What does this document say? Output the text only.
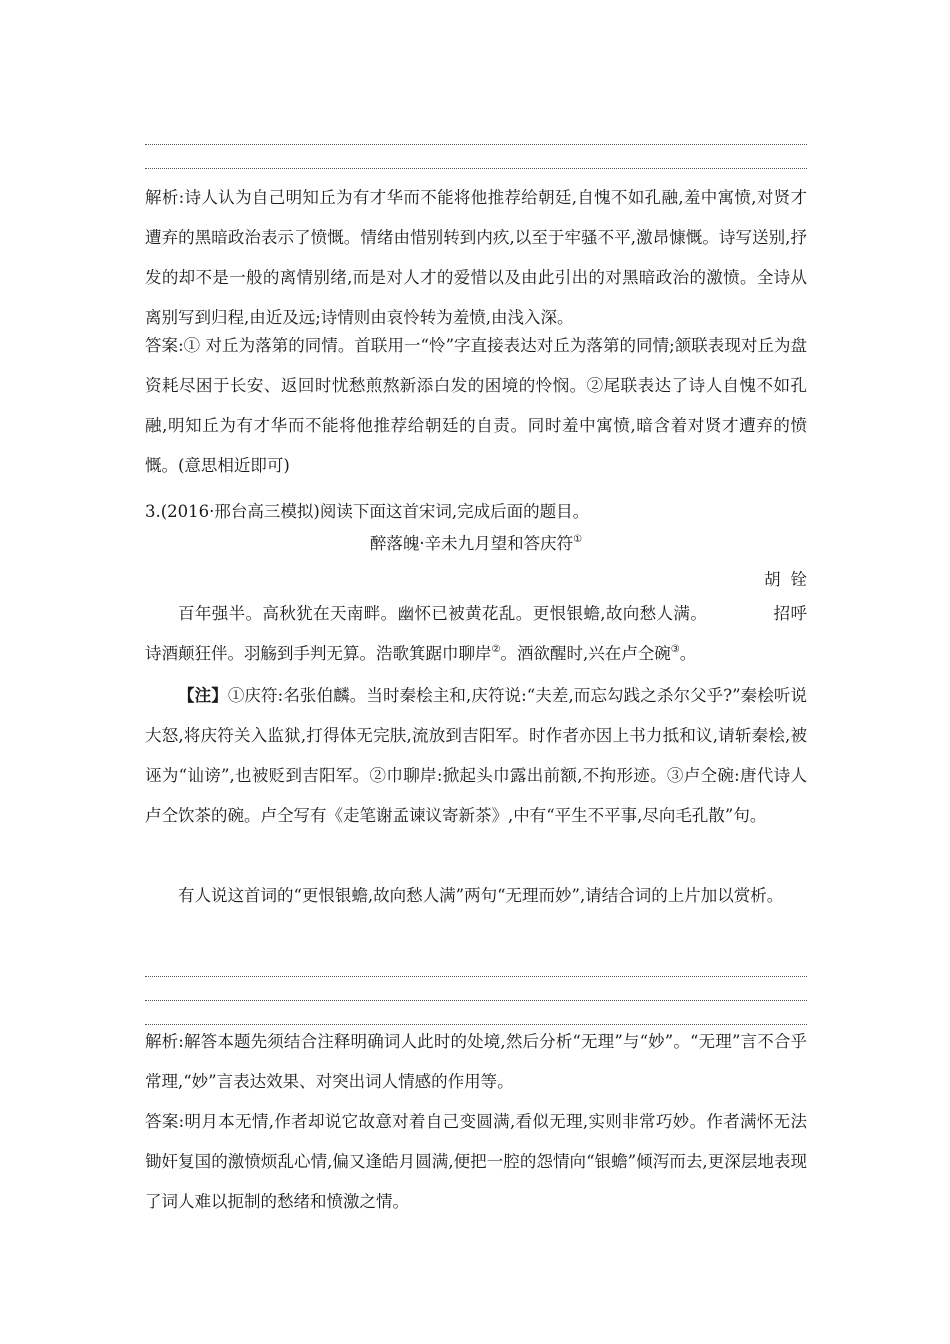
解析:诗人认为自己明知丘为有才华而不能将他推荐给朝廷,自愧不如孔融,羞中寓愤,对贤才遭弃的黑暗政治表示了愤慨。情绪由惜别转到内疚,以至于牢骚不平,激昂慷慨。诗写送别,抒发的却不是一般的离情别绪,而是对人才的爱惜以及由此引出的对黑暗政治的激愤。全诗从离别写到归程,由近及远;诗情则由哀怜转为羞愤,由浅入深。

答案:① 对丘为落第的同情。首联用一“怜”字直接表达对丘为落第的同情;颔联表现对丘为盘资耗尽困于长安、返回时忧愁煎熬新添白发的困境的怜悯。②尾联表达了诗人自愧不如孔融,明知丘为有才华而不能将他推荐给朝廷的自责。同时羞中寓愤,暗含着对贤才遭弃的愤慨。(意思相近即可)

3.(2016·邢台高三模拟)阅读下面这首宋词,完成后面的题目。

醉落魄·辛未九月望和答庆符①
胡铨

百年强半。高秋犹在天南畔。幽怀已被黄花乱。更恨银蟾,故向愁人满。	招呼诗酒颠狂伴。羽觞到手判无算。浩歌箕踞巾聊岸②。酒欲醒时,兴在卢仝碗③。

【注】①庆符:名张伯麟。当时秦桧主和,庆符说:“夫差,而忘勾践之杀尔父乎?”秦桧听说大怒,将庆符关入监狱,打得体无完肤,流放到吉阳军。时作者亦因上书力抵和议,请斩秦桧,被诬为“讪谤”,也被贬到吉阳军。②巾聊岸:掀起头巾露出前额,不拘形迹。③卢仝碗:唐代诗人卢仝饮茶的碗。卢仝写有《走笔谢孟谏议寄新茶》,中有“平生不平事,尽向毛孔散”句。

有人说这首词的“更恨银蟾,故向愁人满”两句“无理而妙”,请结合词的上片加以赏析。

解析:解答本题先须结合注释明确词人此时的处境,然后分析“无理”与“妙”。“无理”言不合乎常理,“妙”言表达效果、对突出词人情感的作用等。

答案:明月本无情,作者却说它故意对着自己变圆满,看似无理,实则非常巧妙。作者满怀无法锄奸复国的激愤烦乱心情,偏又逢皓月圆满,便把一腔的怨情向“银蟾”倾泻而去,更深层地表现了词人难以扼制的愁绪和愤激之情。
